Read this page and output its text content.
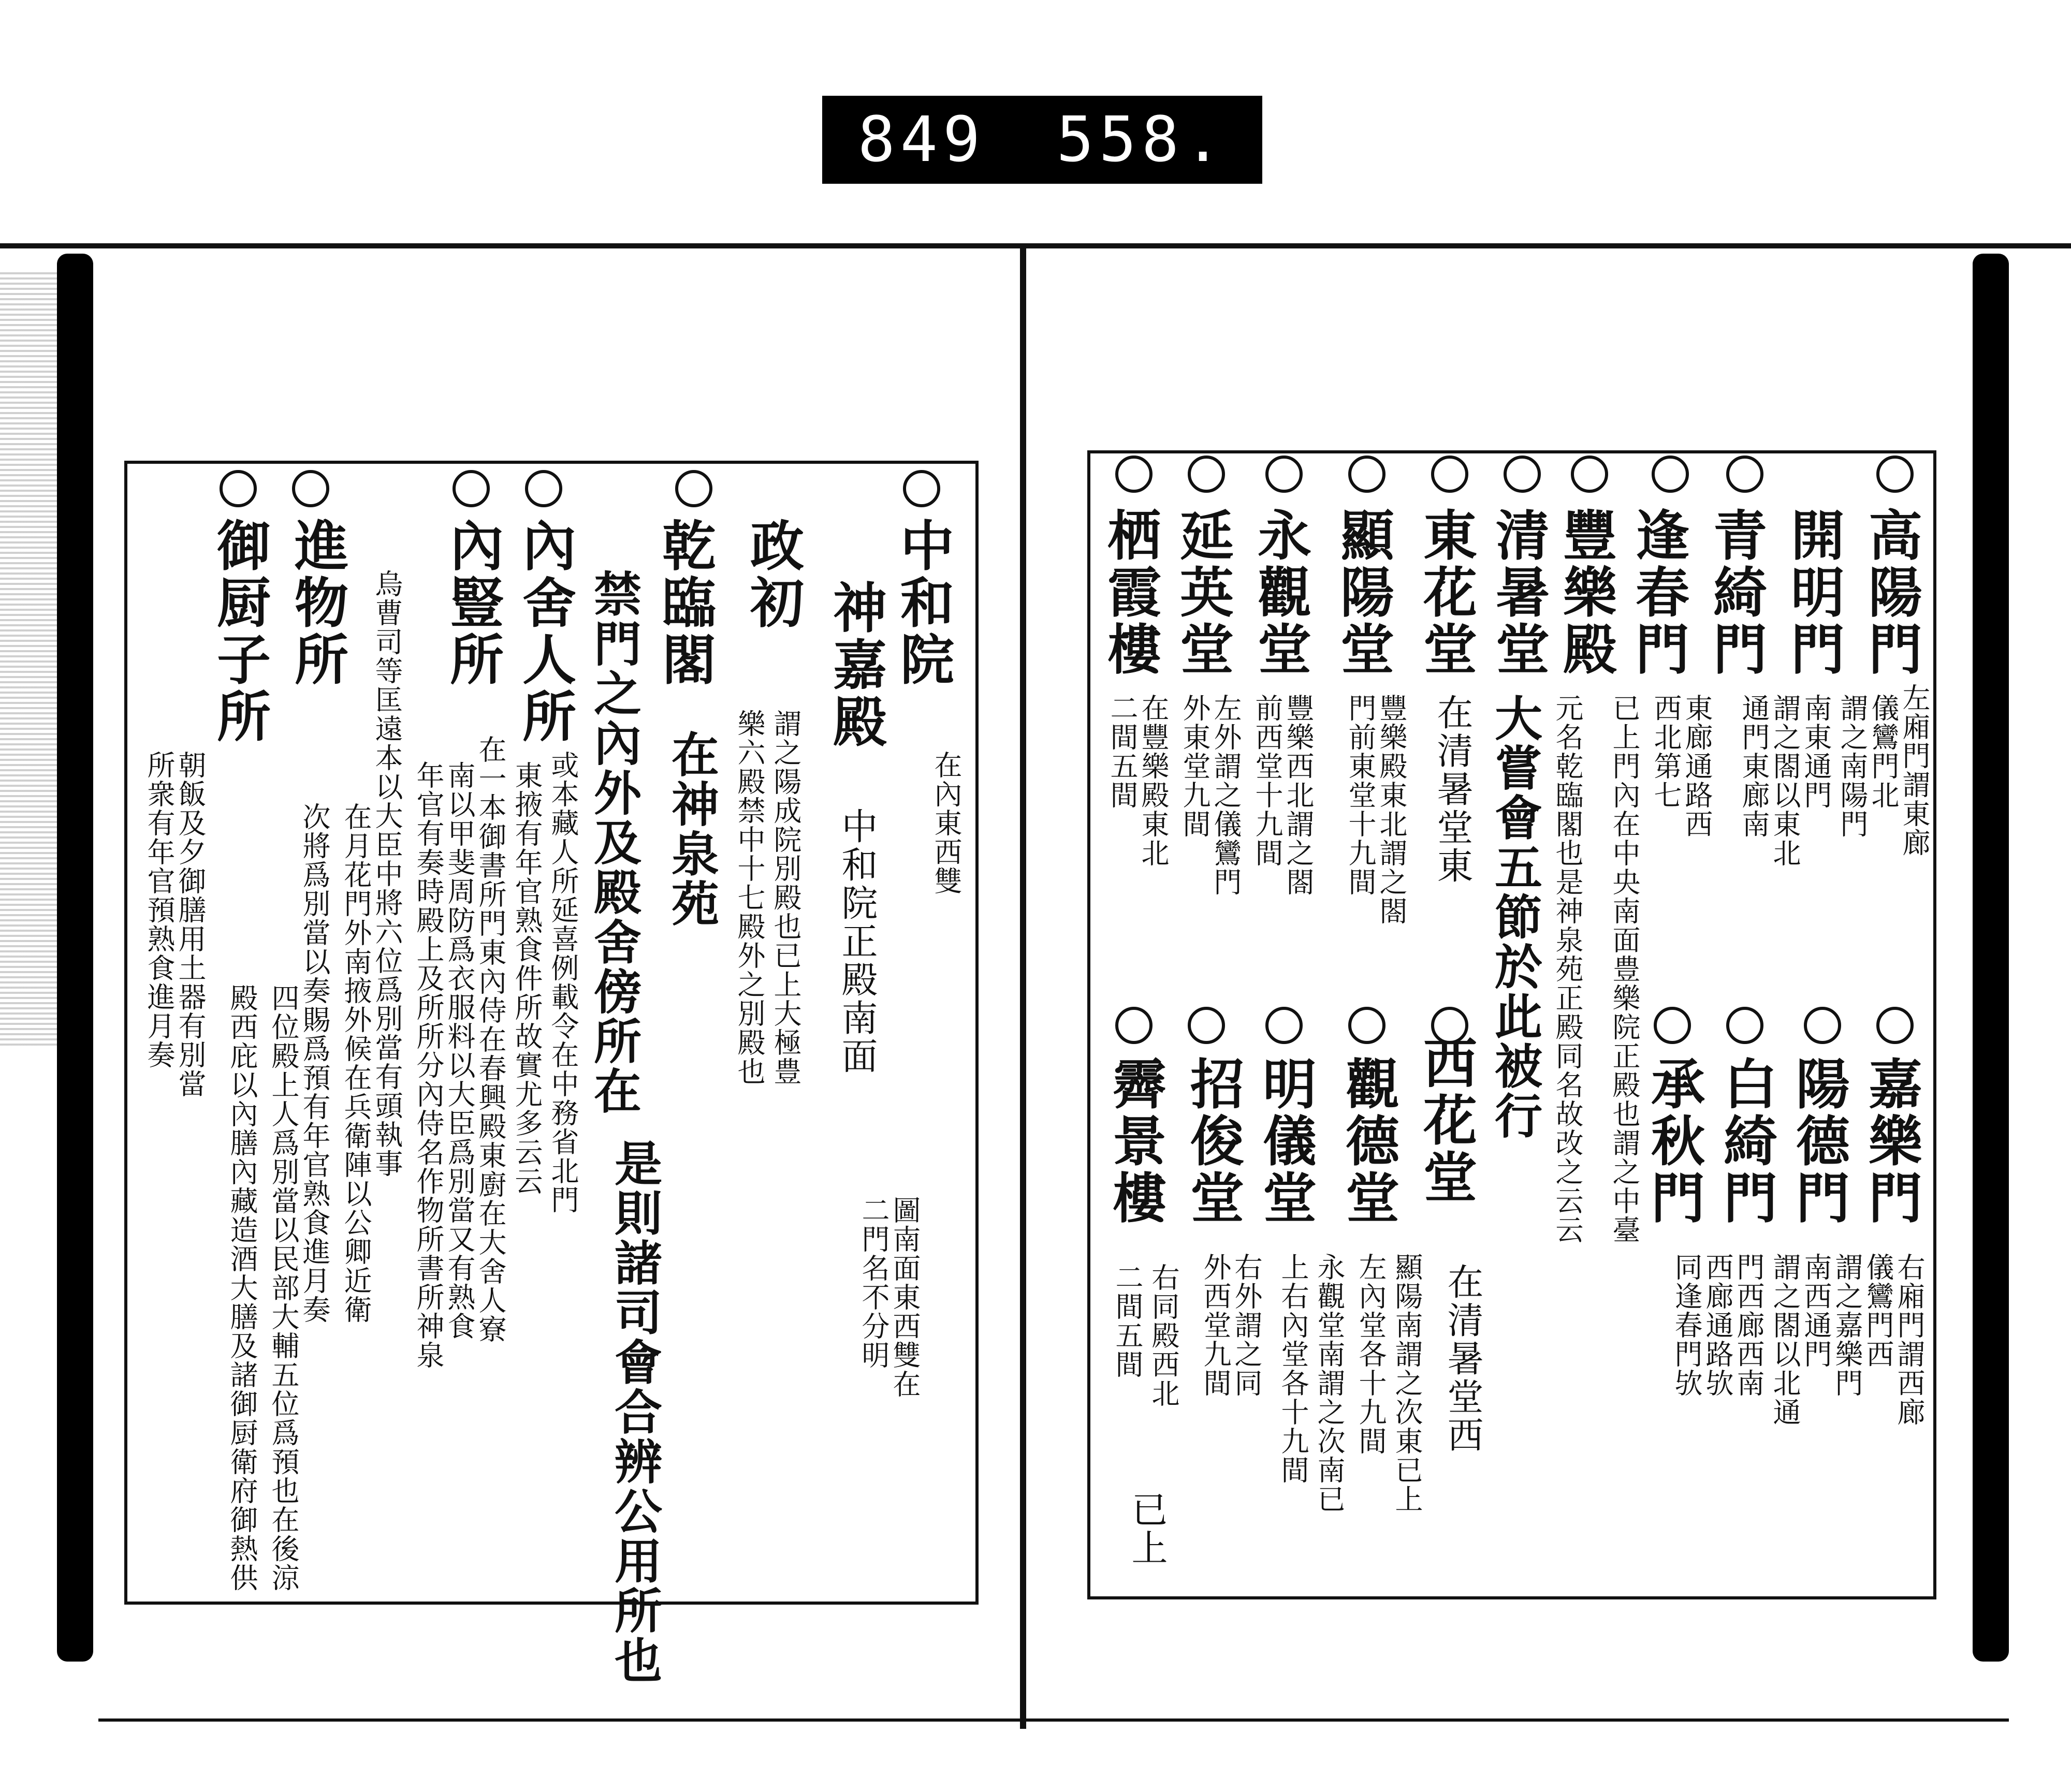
849 558.
高陽門
左廂門謂東廊
儀鸞門北
謂之南陽門
南東通門
開明門
謂之閤以東北
通門東廊南
青綺門
東廊通路西
西北第七
逢春門
已上門內在中央南面豊樂院正殿也謂之中臺
豐樂殿
元名乾臨閣也是神泉苑正殿同名故改之云云
清暑堂
大嘗會五節於此被行
東花堂
在清暑堂東
顯陽堂
豐樂殿東北謂之閤
門前東堂十九間
永觀堂
豐樂西北謂之閤
前西堂十九間
延英堂
左外謂之儀鸞門
外東堂九間
栖霞樓
在豐樂殿東北
二間五間
嘉樂門
右廂門謂西廊
儀鸞門西
謂之嘉樂門
陽德門
南西通門
謂之閤以北通
白綺門
門西廊西南
西廊通路欤
承秋門
同逢春門欤
西花堂
在清暑堂西
觀德堂
顯陽南謂之次東已上
左內堂各十九間
明儀堂
永觀堂南謂之次南已
上右內堂各十九間
招俊堂
右外謂之同
外西堂九間
霽景樓
右同殿西北
二間五間
已上
中和院
在內東西雙
神嘉殿
中和院正殿南面
圖南面東西雙在
二門名不分明
政初
謂之陽成院別殿也已上大極豊
樂六殿禁中十七殿外之別殿也
乾臨閣
在神泉苑
禁門之內外及殿舍傍所在
是則諸司會合辨公用所也
內舍人所
或本藏人所延喜例載令在中務省北門
東掖有年官熟食件所故實尤多云云
內豎所
在一本御書所門東內侍在春興殿東廚在大舍人寮
南以甲斐周防爲衣服料以大臣爲別當又有熟食
年官有奏時殿上及所所分內侍名作物所書所神泉
進物所 烏曹司等匡遠本以大臣中將六位爲別當有頭執事
在月花門外南掖外候在兵衛陣以公卿近衛
御厨子所
次將爲別當以奏賜爲預有年官熟食進月奏
四位殿上人爲別當以民部大輔五位爲預也在後涼
殿西庇以內膳內藏造酒大膳及諸御厨衛府御熱供
朝飯及夕御膳用土器有別當
所衆有年官預熟食進月奏
